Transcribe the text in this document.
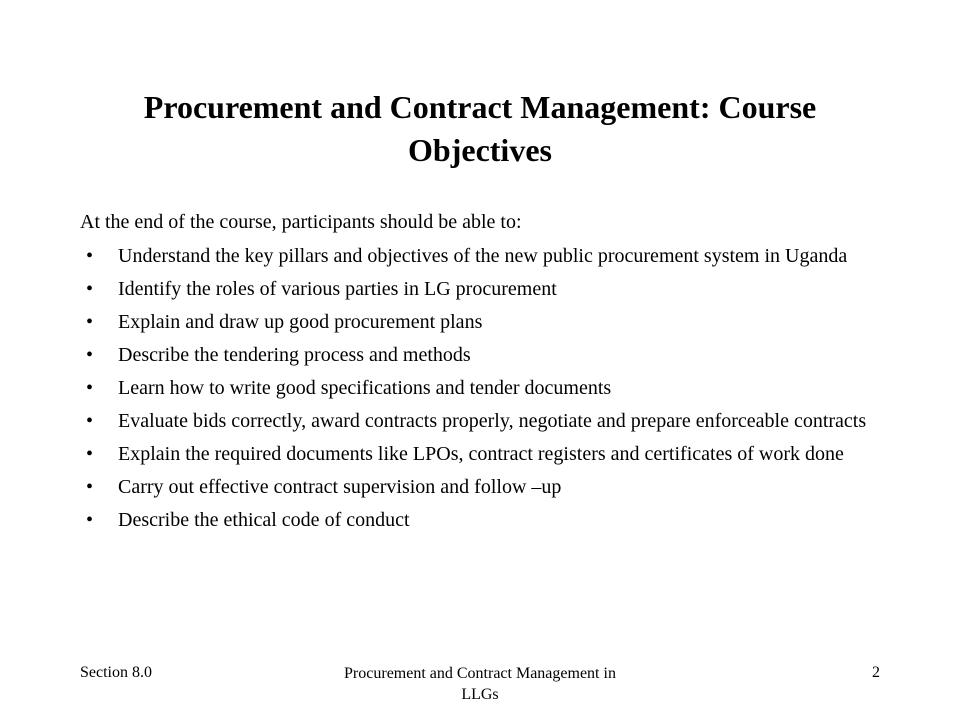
Procurement and Contract Management: Course Objectives

At the end of the course, participants should be able to:

• Understand the key pillars and objectives of the new public procurement system in Uganda
• Identify the roles of various parties in LG procurement
• Explain and draw up good procurement plans
• Describe the tendering process and methods
• Learn how to write good specifications and tender documents
• Evaluate bids correctly, award contracts properly, negotiate and prepare enforceable contracts
• Explain the required documents like LPOs, contract registers and certificates of work done
• Carry out effective contract supervision and follow –up
• Describe the ethical code of conduct
Section 8.0	Procurement and Contract Management in LLGs
2
